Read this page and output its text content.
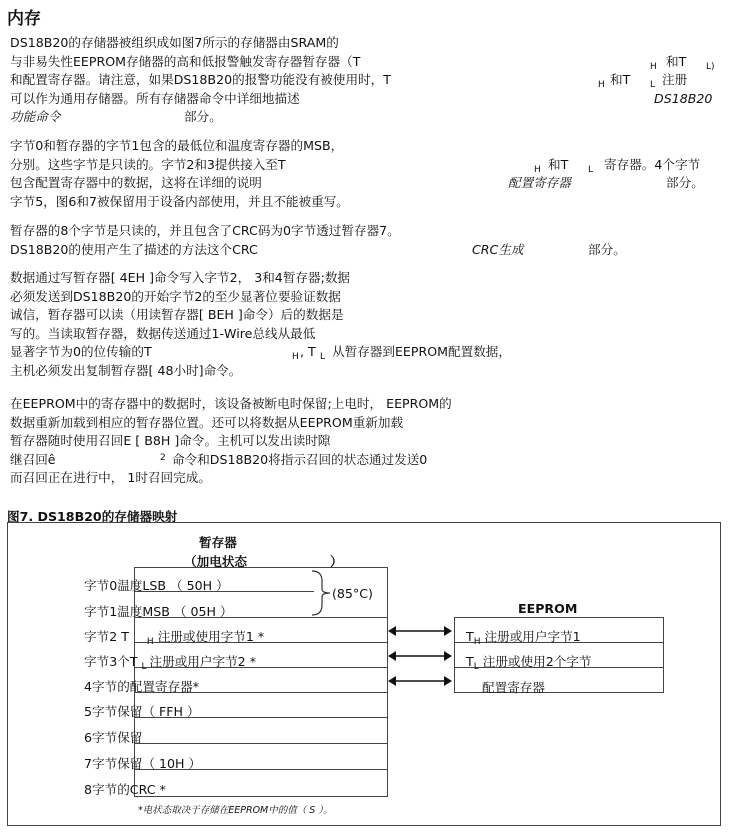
内存
DS18B20的存储器被组织成如图7所示的存储器由SRAM的
与非易失性EEPROM存储器的高和低报警触发寄存器暂存器（T	H 和T L)
和配置寄存器。请注意，如果DS18B20的报警功能没有被使用时，T	H 和T L 注册
可以作为通用存储器。所有存储器命令中详细地描述	DS18B20
功能命令	部分。
字节0和暂存器的字节1包含的最低位和温度寄存器的MSB，
分别。这些字节是只读的。字节2和3提供接入至T	H 和T L 寄存器。4个字节
包含配置寄存器中的数据，这将在详细的说明	配置寄存器	部分。
字节5，图6和7被保留用于设备内部使用，并且不能被重写。
暂存器的8个字节是只读的，并且包含了CRC码为0字节透过暂存器7。
DS18B20的使用产生了描述的方法这个CRC	CRC生成	部分。
数据通过写暂存器[ 4EH ]命令写入字节2， 3和4暂存器;数据
必须发送到DS18B20的开始字节2的至少显著位要验证数据
诚信，暂存器可以读（用读暂存器[ BEH ]命令）后的数据是
写的。当读取暂存器，数据传送通过1-Wire总线从最低
显著字节为0的位传输的T	H , T L 从暂存器到EEPROM配置数据，
主机必须发出复制暂存器[ 48小时]命令。
在EEPROM中的寄存器中的数据时，该设备被断电时保留;上电时， EEPROM的
数据重新加载到相应的暂存器位置。还可以将数据从EEPROM重新加载
暂存器随时使用召回E [ B8H ]命令。主机可以发出读时隙
继召回ê	2 命令和DS18B20将指示召回的状态通过发送0
而召回正在进行中， 1时召回完成。
图7. DS18B20的存储器映射
暂存器
（加电状态	）
字节0温度LSB （ 50H ）
字节1温度MSB （ 05H ）
字节2 T $_H$ 注册或使用字节1 *
字节3个T $_L$ 注册或用户字节2 *
4字节的配置寄存器*
5字节保留（ FFH ）
6字节保留
7字节保留（ 10H ）
8字节的CRC *
(85°C)
EEPROM
$T_H$ 注册或用户字节1
$T_L$ 注册或使用2个字节
配置寄存器
*电状态取决于存储在EEPROM中的值（ S ）。
